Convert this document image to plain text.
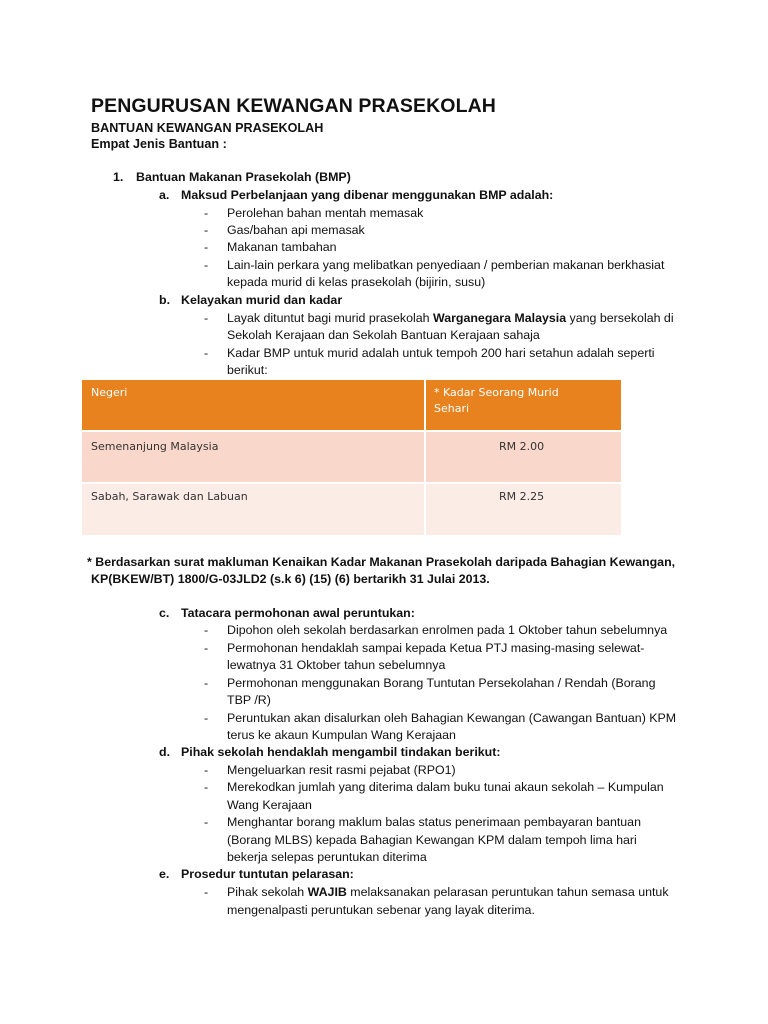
PENGURUSAN KEWANGAN PRASEKOLAH
BANTUAN KEWANGAN PRASEKOLAH
Empat Jenis Bantuan :
1. Bantuan Makanan Prasekolah (BMP)
a. Maksud Perbelanjaan yang dibenar menggunakan BMP adalah:
- Perolehan bahan mentah memasak
- Gas/bahan api memasak
- Makanan tambahan
- Lain-lain perkara yang melibatkan penyediaan / pemberian makanan berkhasiat
kepada murid di kelas prasekolah (bijirin, susu)
b. Kelayakan murid dan kadar
- Layak dituntut bagi murid prasekolah Warganegara Malaysia yang bersekolah di
Sekolah Kerajaan dan Sekolah Bantuan Kerajaan sahaja
- Kadar BMP untuk murid adalah untuk tempoh 200 hari setahun adalah seperti
berikut:
Negeri	* Kadar Seorang Murid
Sehari
Semenanjung Malaysia	RM 2.00
Sabah, Sarawak dan Labuan	RM 2.25
* Berdasarkan surat makluman Kenaikan Kadar Makanan Prasekolah daripada Bahagian Kewangan,
KP(BKEW/BT) 1800/G-03JLD2 (s.k 6) (15) (6) bertarikh 31 Julai 2013.
c. Tatacara permohonan awal peruntukan:
- Dipohon oleh sekolah berdasarkan enrolmen pada 1 Oktober tahun sebelumnya
- Permohonan hendaklah sampai kepada Ketua PTJ masing-masing selewat-
lewatnya 31 Oktober tahun sebelumnya
- Permohonan menggunakan Borang Tuntutan Persekolahan / Rendah (Borang
TBP /R)
- Peruntukan akan disalurkan oleh Bahagian Kewangan (Cawangan Bantuan) KPM
terus ke akaun Kumpulan Wang Kerajaan
d. Pihak sekolah hendaklah mengambil tindakan berikut:
- Mengeluarkan resit rasmi pejabat (RPO1)
- Merekodkan jumlah yang diterima dalam buku tunai akaun sekolah – Kumpulan
Wang Kerajaan
- Menghantar borang maklum balas status penerimaan pembayaran bantuan
(Borang MLBS) kepada Bahagian Kewangan KPM dalam tempoh lima hari
bekerja selepas peruntukan diterima
e. Prosedur tuntutan pelarasan:
- Pihak sekolah WAJIB melaksanakan pelarasan peruntukan tahun semasa untuk
mengenalpasti peruntukan sebenar yang layak diterima.
